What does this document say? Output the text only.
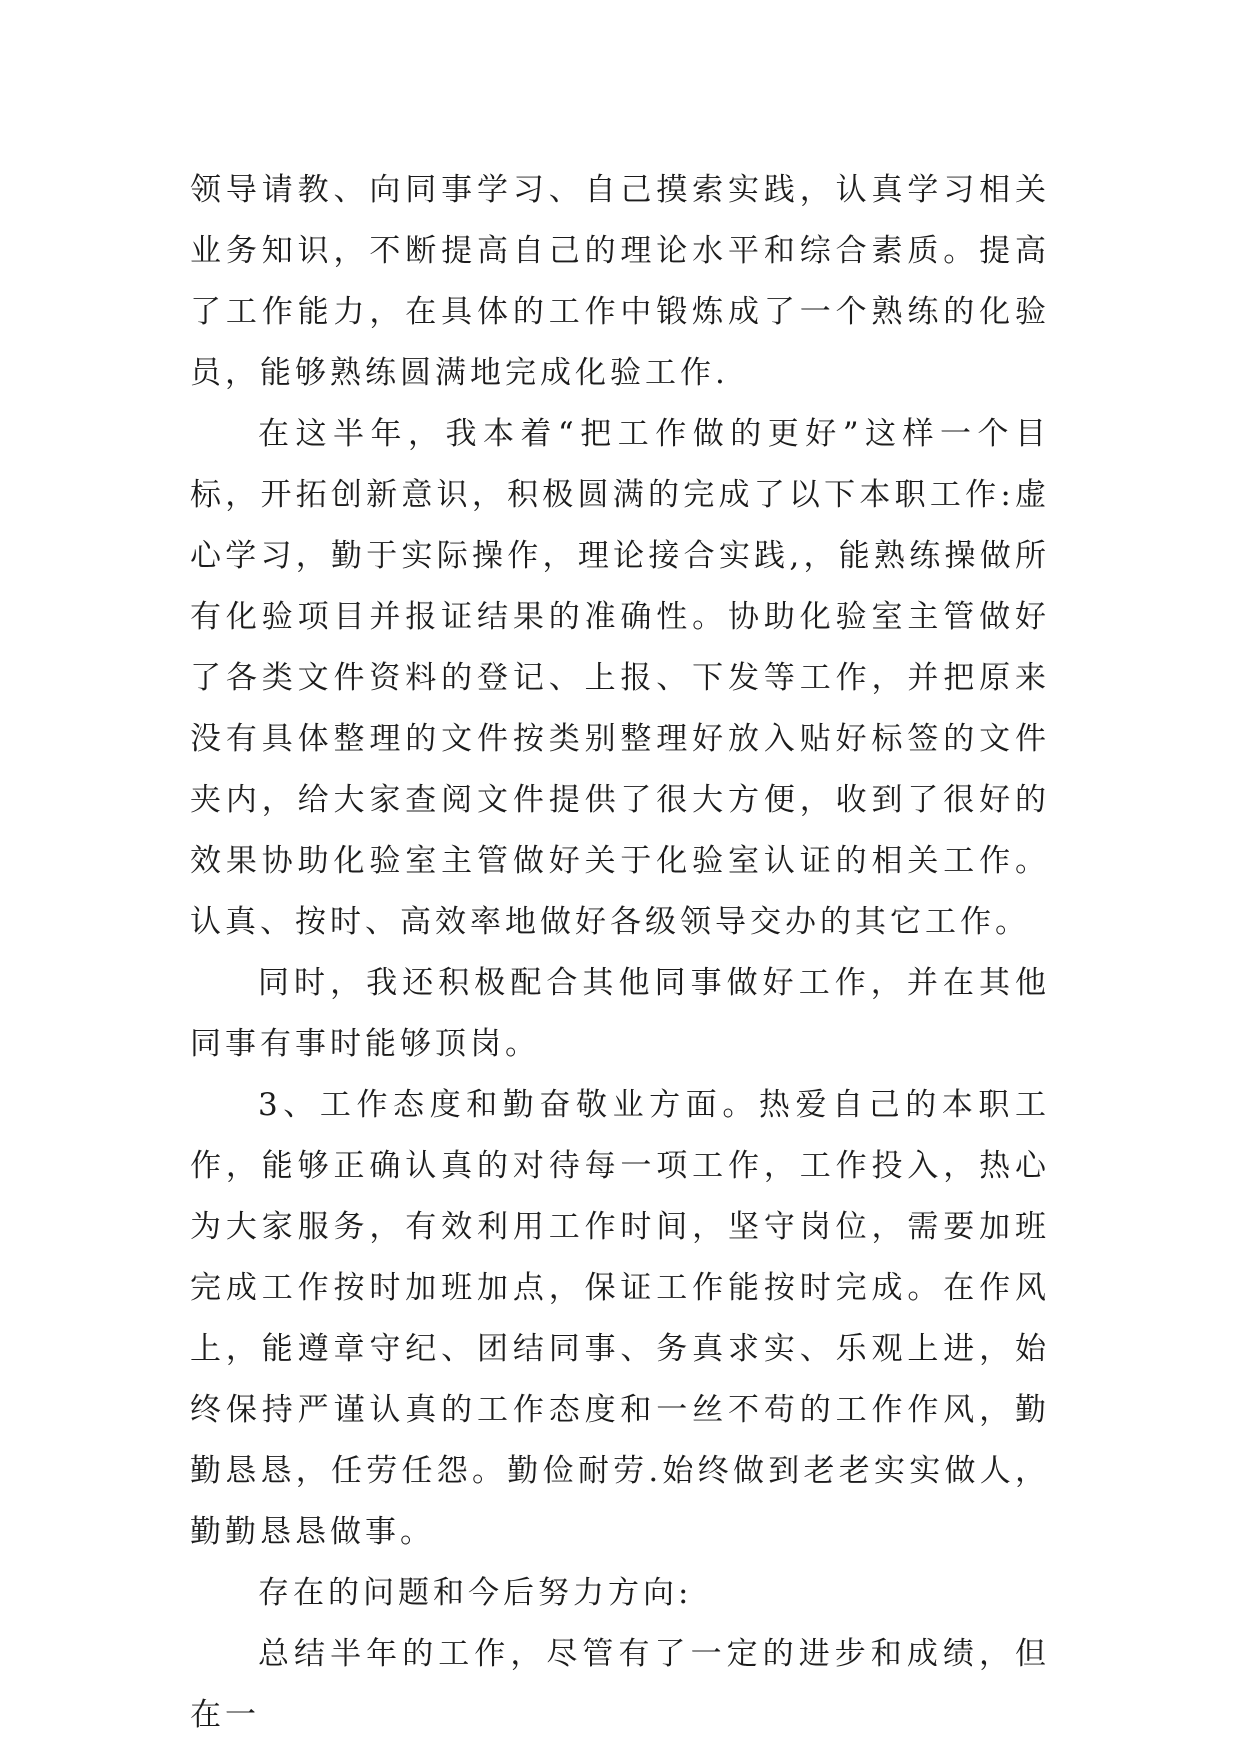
领导请教、向同事学习、自己摸索实践，认真学习相关业务知识，不断提高自己的理论水平和综合素质。提高了工作能力，在具体的工作中锻炼成了一个熟练的化验员，能够熟练圆满地完成化验工作.

在这半年，我本着“把工作做的更好”这样一个目标，开拓创新意识，积极圆满的完成了以下本职工作:虚心学习，勤于实际操作，理论接合实践,，能熟练操做所有化验项目并报证结果的准确性。协助化验室主管做好了各类文件资料的登记、上报、下发等工作，并把原来没有具体整理的文件按类别整理好放入贴好标签的文件夹内，给大家查阅文件提供了很大方便，收到了很好的效果协助化验室主管做好关于化验室认证的相关工作。认真、按时、高效率地做好各级领导交办的其它工作。

同时，我还积极配合其他同事做好工作，并在其他同事有事时能够顶岗。

3、工作态度和勤奋敬业方面。热爱自己的本职工作，能够正确认真的对待每一项工作，工作投入，热心为大家服务，有效利用工作时间，坚守岗位，需要加班完成工作按时加班加点，保证工作能按时完成。在作风上，能遵章守纪、团结同事、务真求实、乐观上进，始终保持严谨认真的工作态度和一丝不苟的工作作风，勤勤恳恳，任劳任怨。勤俭耐劳.始终做到老老实实做人，勤勤恳恳做事。

存在的问题和今后努力方向:

总结半年的工作，尽管有了一定的进步和成绩，但在一
